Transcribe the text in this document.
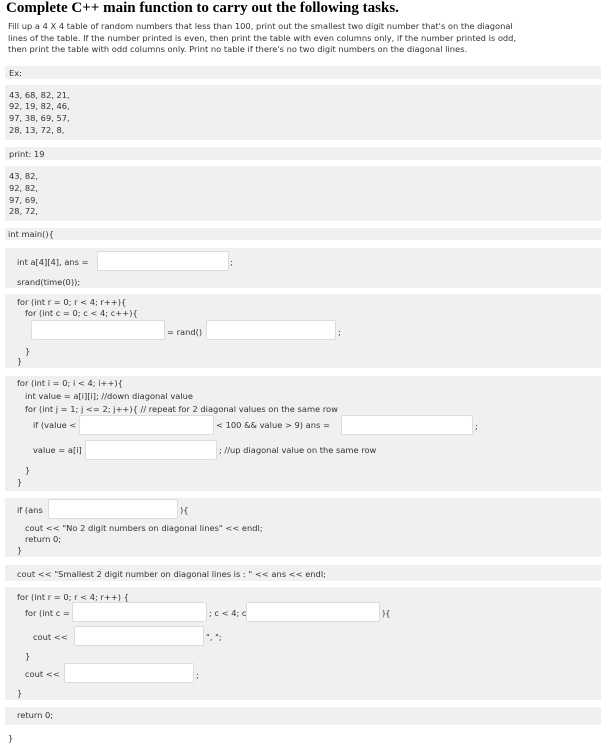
Complete C++ main function to carry out the following tasks.
Fill up a 4 X 4 table of random numbers that less than 100, print out the smallest two digit number that's on the diagonal
lines of the table. If the number printed is even, then print the table with even columns only, if the number printed is odd,
then print the table with odd columns only. Print no table if there's no two digit numbers on the diagonal lines.
Ex:
43, 68, 82, 21,
92, 19, 82, 46,
97, 38, 69, 57,
28, 13, 72, 8,
print: 19
43, 82,
92, 82,
97, 69,
28, 72,
int main(){
int a[4][4], ans =	;
srand(time(0));
for (int r = 0; r < 4; r++){
for (int c = 0; c < 4; c++){
= rand()	;
}
}
for (int i = 0; i < 4; i++){
int value = a[i][i]; //down diagonal value
for (int j = 1; j <= 2; j++){ // repeat for 2 diagonal values on the same row
if (value <	< 100 && value > 9) ans =	;
value = a[i]	; //up diagonal value on the same row
}
}
if (ans	){
cout << "No 2 digit numbers on diagonal lines" << endl;
return 0;
}
cout << "Smallest 2 digit number on diagonal lines is : " << ans << endl;
for (int r = 0; r < 4; r++) {
for (int c =	; c < 4; c	){
cout <<	", ";
}
cout <<	;
}
return 0;
}
